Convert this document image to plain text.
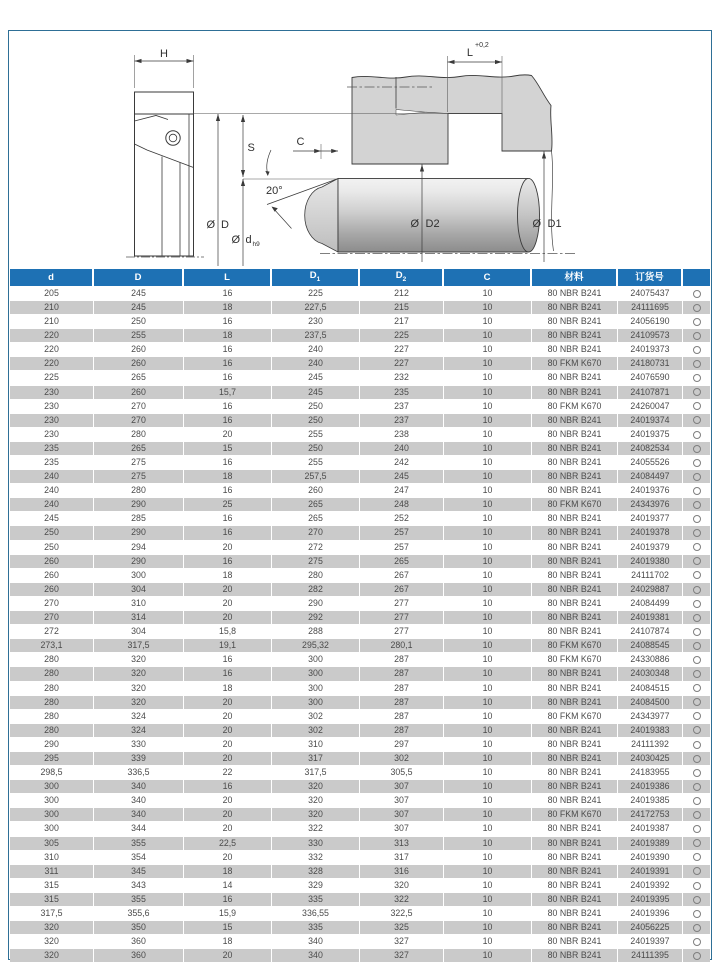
H
Ø D
S
Ø d h9
20°
C
L
+0,2
Ø D2	Ø D1
d	D	L	$D_1$	$D_2$	C	材料	订货号	
205	245	16	225	212	10	80 NBR B241	24075437	
210	245	18	227,5	215	10	80 NBR B241	24111695	
210	250	16	230	217	10	80 NBR B241	24056190	
220	255	18	237,5	225	10	80 NBR B241	24109573	
220	260	16	240	227	10	80 NBR B241	24019373	
220	260	16	240	227	10	80 FKM K670	24180731	
225	265	16	245	232	10	80 NBR B241	24076590	
230	260	15,7	245	235	10	80 NBR B241	24107871	
230	270	16	250	237	10	80 FKM K670	24260047	
230	270	16	250	237	10	80 NBR B241	24019374	
230	280	20	255	238	10	80 NBR B241	24019375	
235	265	15	250	240	10	80 NBR B241	24082534	
235	275	16	255	242	10	80 NBR B241	24055526	
240	275	18	257,5	245	10	80 NBR B241	24084497	
240	280	16	260	247	10	80 NBR B241	24019376	
240	290	25	265	248	10	80 FKM K670	24343976	
245	285	16	265	252	10	80 NBR B241	24019377	
250	290	16	270	257	10	80 NBR B241	24019378	
250	294	20	272	257	10	80 NBR B241	24019379	
260	290	16	275	265	10	80 NBR B241	24019380	
260	300	18	280	267	10	80 NBR B241	24111702	
260	304	20	282	267	10	80 NBR B241	24029887	
270	310	20	290	277	10	80 NBR B241	24084499	
270	314	20	292	277	10	80 NBR B241	24019381	
272	304	15,8	288	277	10	80 NBR B241	24107874	
273,1	317,5	19,1	295,32	280,1	10	80 FKM K670	24088545	
280	320	16	300	287	10	80 FKM K670	24330886	
280	320	16	300	287	10	80 NBR B241	24030348	
280	320	18	300	287	10	80 NBR B241	24084515	
280	320	20	300	287	10	80 NBR B241	24084500	
280	324	20	302	287	10	80 FKM K670	24343977	
280	324	20	302	287	10	80 NBR B241	24019383	
290	330	20	310	297	10	80 NBR B241	24111392	
295	339	20	317	302	10	80 NBR B241	24030425	
298,5	336,5	22	317,5	305,5	10	80 NBR B241	24183955	
300	340	16	320	307	10	80 NBR B241	24019386	
300	340	20	320	307	10	80 NBR B241	24019385	
300	340	20	320	307	10	80 FKM K670	24172753	
300	344	20	322	307	10	80 NBR B241	24019387	
305	355	22,5	330	313	10	80 NBR B241	24019389	
310	354	20	332	317	10	80 NBR B241	24019390	
311	345	18	328	316	10	80 NBR B241	24019391	
315	343	14	329	320	10	80 NBR B241	24019392	
315	355	16	335	322	10	80 NBR B241	24019395	
317,5	355,6	15,9	336,55	322,5	10	80 NBR B241	24019396	
320	350	15	335	325	10	80 NBR B241	24056225	
320	360	18	340	327	10	80 NBR B241	24019397	
320	360	20	340	327	10	80 NBR B241	24111395	
